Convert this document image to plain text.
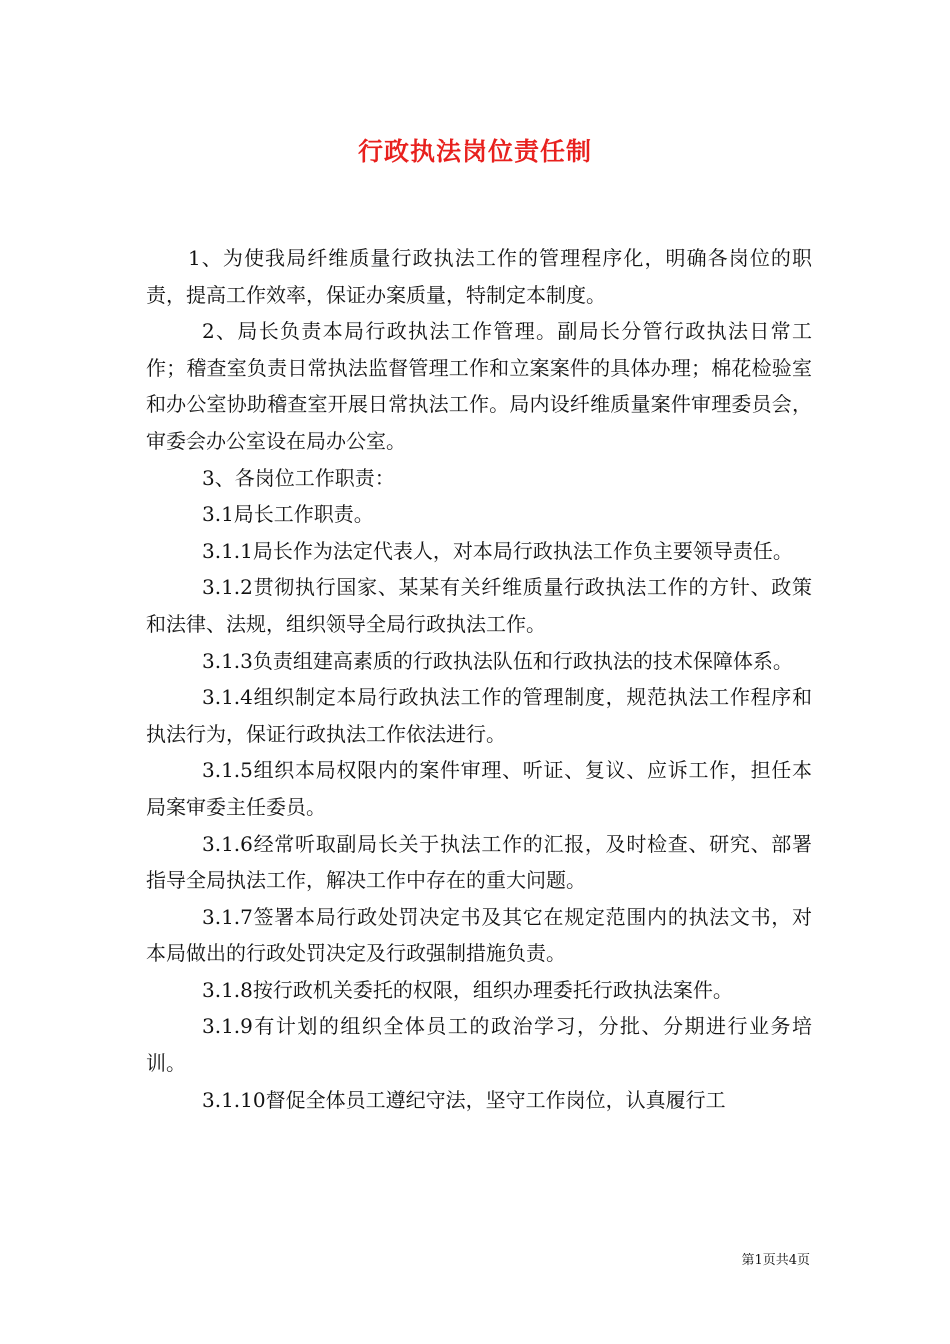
行政执法岗位责任制

1、为使我局纤维质量行政执法工作的管理程序化，明确各岗位的职责，提高工作效率，保证办案质量，特制定本制度。

2、局长负责本局行政执法工作管理。副局长分管行政执法日常工作；稽查室负责日常执法监督管理工作和立案案件的具体办理；棉花检验室和办公室协助稽查室开展日常执法工作。局内设纤维质量案件审理委员会，审委会办公室设在局办公室。

3、各岗位工作职责：

3.1局长工作职责。

3.1.1局长作为法定代表人，对本局行政执法工作负主要领导责任。

3.1.2贯彻执行国家、某某有关纤维质量行政执法工作的方针、政策和法律、法规，组织领导全局行政执法工作。

3.1.3负责组建高素质的行政执法队伍和行政执法的技术保障体系。

3.1.4组织制定本局行政执法工作的管理制度，规范执法工作程序和执法行为，保证行政执法工作依法进行。

3.1.5组织本局权限内的案件审理、听证、复议、应诉工作，担任本局案审委主任委员。

3.1.6经常听取副局长关于执法工作的汇报，及时检查、研究、部署指导全局执法工作，解决工作中存在的重大问题。

3.1.7签署本局行政处罚决定书及其它在规定范围内的执法文书，对本局做出的行政处罚决定及行政强制措施负责。

3.1.8按行政机关委托的权限，组织办理委托行政执法案件。

3.1.9有计划的组织全体员工的政治学习，分批、分期进行业务培训。

3.1.10督促全体员工遵纪守法，坚守工作岗位，认真履行工

第1页共4页
